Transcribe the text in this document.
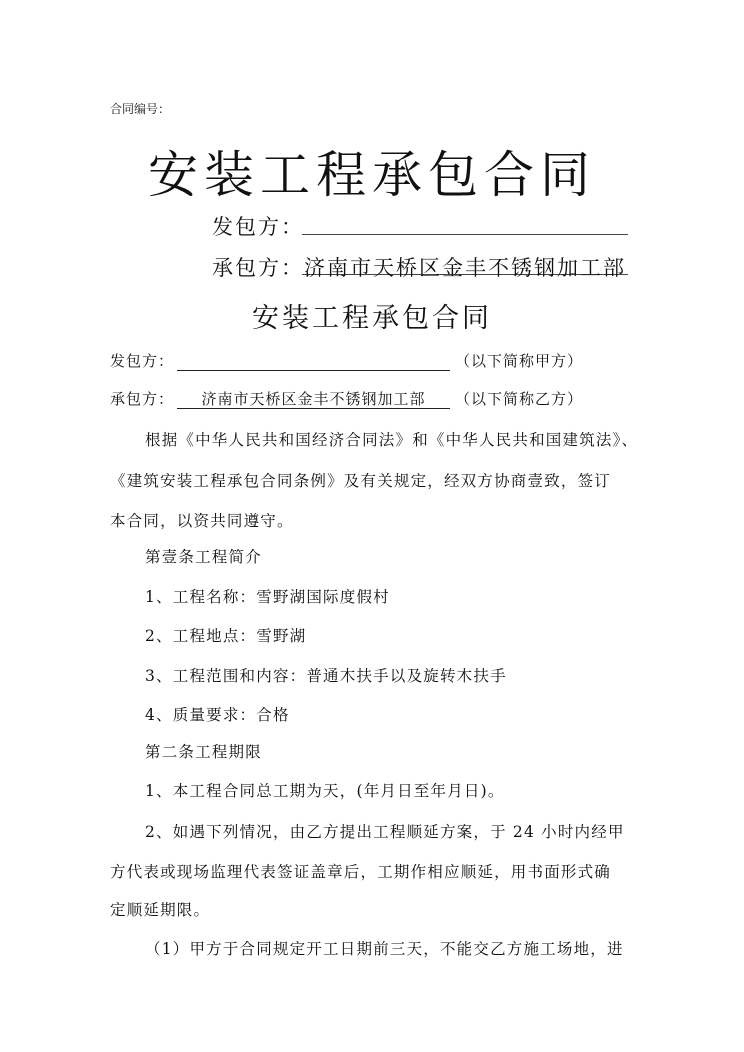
合同编号：
安装工程承包合同
发包方：
承包方： 济南市天桥区金丰不锈钢加工部
安装工程承包合同
发包方：	（以下简称甲方）
承包方：	济南市天桥区金丰不锈钢加工部	（以下简称乙方）
根据《中华人民共和国经济合同法》和《中华人民共和国建筑法》、
《建筑安装工程承包合同条例》及有关规定，经双方协商壹致，签订
本合同，以资共同遵守。
第壹条工程简介
1、工程名称：雪野湖国际度假村
2、工程地点：雪野湖
3、工程范围和内容：普通木扶手以及旋转木扶手
4、质量要求：合格
第二条工程期限
1、本工程合同总工期为天，(年月日至年月日)。
2、如遇下列情况，由乙方提出工程顺延方案，于 24 小时内经甲
方代表或现场监理代表签证盖章后，工期作相应顺延，用书面形式确
定顺延期限。
（1）甲方于合同规定开工日期前三天，不能交乙方施工场地，进
